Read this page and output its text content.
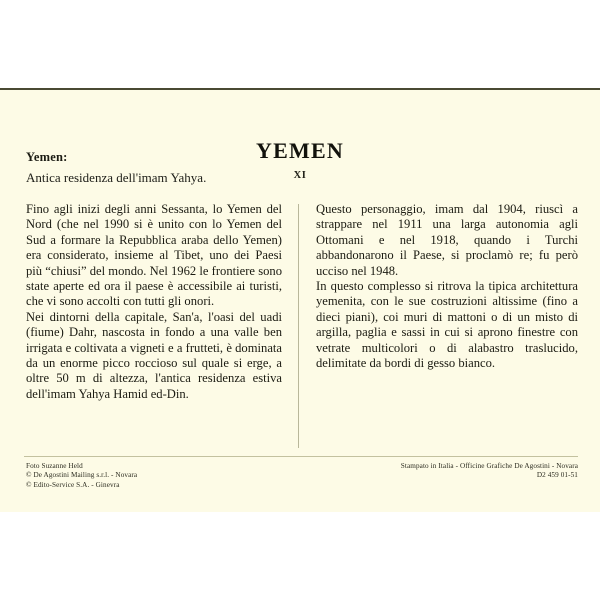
Yemen:
Antica residenza dell'imam Yahya.
YEMEN
XI

Fino agli inizi degli anni Sessanta, lo Yemen del Nord (che nel 1990 si è unito con lo Yemen del Sud a formare la Repubblica araba dello Yemen) era considerato, insieme al Tibet, uno dei Paesi più “chiusi” del mondo. Nel 1962 le frontiere sono state aperte ed ora il paese è accessibile ai turisti, che vi sono accolti con tutti gli onori.

Nei dintorni della capitale, San'a, l'oasi del uadi (fiume) Dahr, nascosta in fondo a una valle ben irrigata e coltivata a vigneti e a frutteti, è dominata da un enorme picco roccioso sul quale si erge, a oltre 50 m di altezza, l'antica residenza estiva dell'imam Yahya Hamid ed-Din.

Questo personaggio, imam dal 1904, riuscì a strappare nel 1911 una larga autonomia agli Ottomani e nel 1918, quando i Turchi abbandonarono il Paese, si proclamò re; fu però ucciso nel 1948.

In questo complesso si ritrova la tipica architettura yemenita, con le sue costruzioni altissime (fino a dieci piani), coi muri di mattoni o di un misto di argilla, paglia e sassi in cui si aprono finestre con vetrate multicolori o di alabastro traslucido, delimitate da bordi di gesso bianco.

Foto Suzanne Held
© De Agostini Mailing s.r.l. - Novara
© Edito-Service S.A. - Ginevra
Stampato in Italia - Officine Grafiche De Agostini - Novara
D2 459 01-51
